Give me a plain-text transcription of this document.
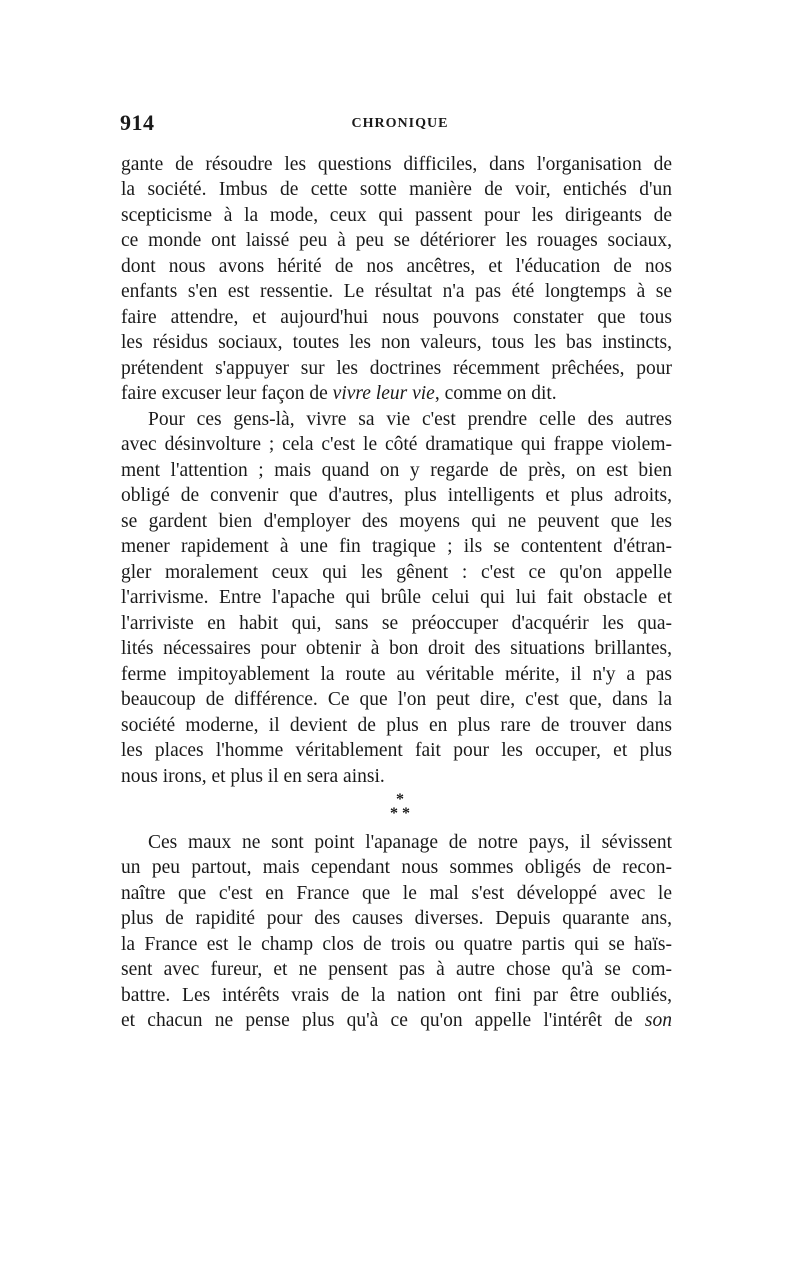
914	CHRONIQUE
gante de résoudre les questions difficiles, dans l'organisation de
la société. Imbus de cette sotte manière de voir, entichés d'un
scepticisme à la mode, ceux qui passent pour les dirigeants de
ce monde ont laissé peu à peu se détériorer les rouages sociaux,
dont nous avons hérité de nos ancêtres, et l'éducation de nos
enfants s'en est ressentie. Le résultat n'a pas été longtemps à se
faire attendre, et aujourd'hui nous pouvons constater que tous
les résidus sociaux, toutes les non valeurs, tous les bas instincts,
prétendent s'appuyer sur les doctrines récemment prêchées, pour
faire excuser leur façon de vivre leur vie, comme on dit.
Pour ces gens-là, vivre sa vie c'est prendre celle des autres
avec désinvolture ; cela c'est le côté dramatique qui frappe violem-
ment l'attention ; mais quand on y regarde de près, on est bien
obligé de convenir que d'autres, plus intelligents et plus adroits,
se gardent bien d'employer des moyens qui ne peuvent que les
mener rapidement à une fin tragique ; ils se contentent d'étran-
gler moralement ceux qui les gênent : c'est ce qu'on appelle
l'arrivisme. Entre l'apache qui brûle celui qui lui fait obstacle et
l'arriviste en habit qui, sans se préoccuper d'acquérir les qua-
lités nécessaires pour obtenir à bon droit des situations brillantes,
ferme impitoyablement la route au véritable mérite, il n'y a pas
beaucoup de différence. Ce que l'on peut dire, c'est que, dans la
société moderne, il devient de plus en plus rare de trouver dans
les places l'homme véritablement fait pour les occuper, et plus
nous irons, et plus il en sera ainsi.
*
* *
Ces maux ne sont point l'apanage de notre pays, il sévissent
un peu partout, mais cependant nous sommes obligés de recon-
naître que c'est en France que le mal s'est développé avec le
plus de rapidité pour des causes diverses. Depuis quarante ans,
la France est le champ clos de trois ou quatre partis qui se haïs-
sent avec fureur, et ne pensent pas à autre chose qu'à se com-
battre. Les intérêts vrais de la nation ont fini par être oubliés,
et chacun ne pense plus qu'à ce qu'on appelle l'intérêt de son
